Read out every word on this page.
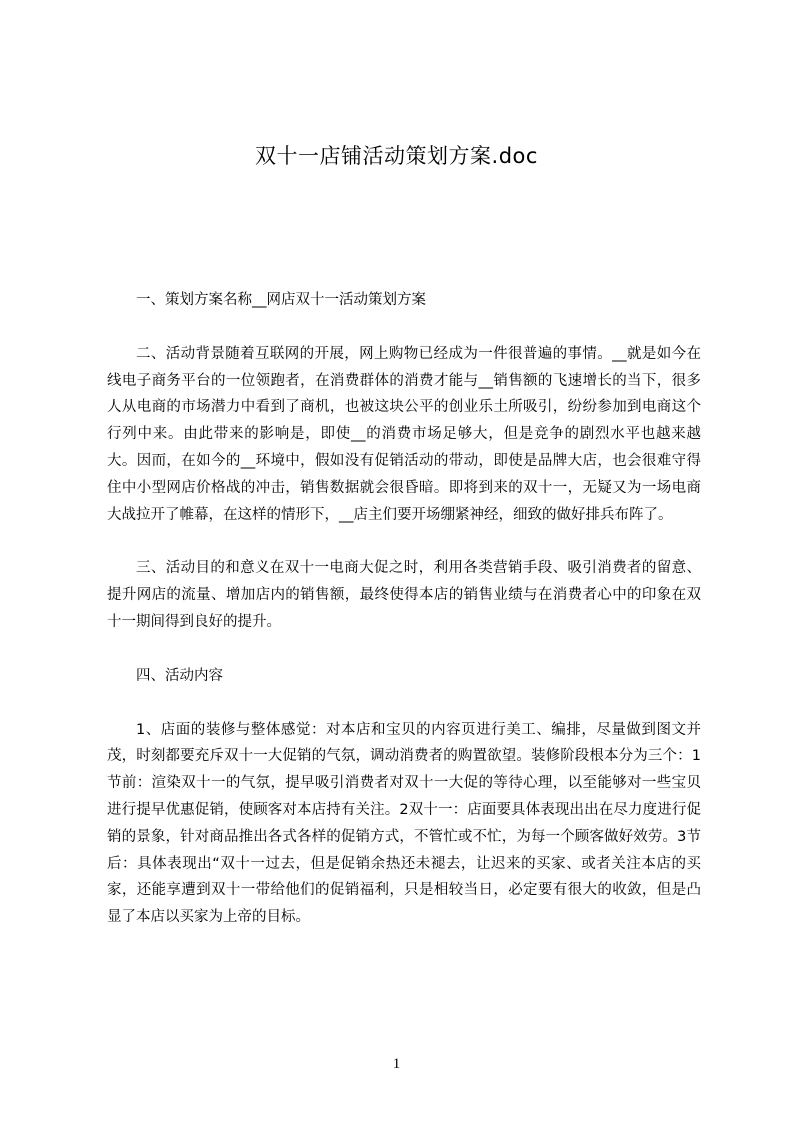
双十一店铺活动策划方案.doc

一、策划方案名称__网店双十一活动策划方案

二、活动背景随着互联网的开展，网上购物已经成为一件很普遍的事情。__就是如今在线电子商务平台的一位领跑者，在消费群体的消费才能与__销售额的飞速增长的当下，很多人从电商的市场潜力中看到了商机，也被这块公平的创业乐土所吸引，纷纷参加到电商这个行列中来。由此带来的影响是，即使__的消费市场足够大，但是竞争的剧烈水平也越来越大。因而，在如今的__环境中，假如没有促销活动的带动，即使是品牌大店，也会很难守得住中小型网店价格战的冲击，销售数据就会很昏暗。即将到来的双十一，无疑又为一场电商大战拉开了帷幕，在这样的情形下，__店主们要开场绷紧神经，细致的做好排兵布阵了。

三、活动目的和意义在双十一电商大促之时，利用各类营销手段、吸引消费者的留意、提升网店的流量、增加店内的销售额，最终使得本店的销售业绩与在消费者心中的印象在双十一期间得到良好的提升。

四、活动内容

1、店面的装修与整体感觉：对本店和宝贝的内容页进行美工、编排，尽量做到图文并茂，时刻都要充斥双十一大促销的气氛，调动消费者的购置欲望。装修阶段根本分为三个：1节前：渲染双十一的气氛，提早吸引消费者对双十一大促的等待心理，以至能够对一些宝贝进行提早优惠促销，使顾客对本店持有关注。2双十一：店面要具体表现出出在尽力度进行促销的景象，针对商品推出各式各样的促销方式，不管忙或不忙，为每一个顾客做好效劳。3节后：具体表现出“双十一过去，但是促销余热还未褪去，让迟来的买家、或者关注本店的买家，还能享遭到双十一带给他们的促销福利，只是相较当日，必定要有很大的收敛，但是凸显了本店以买家为上帝的目标。

1
